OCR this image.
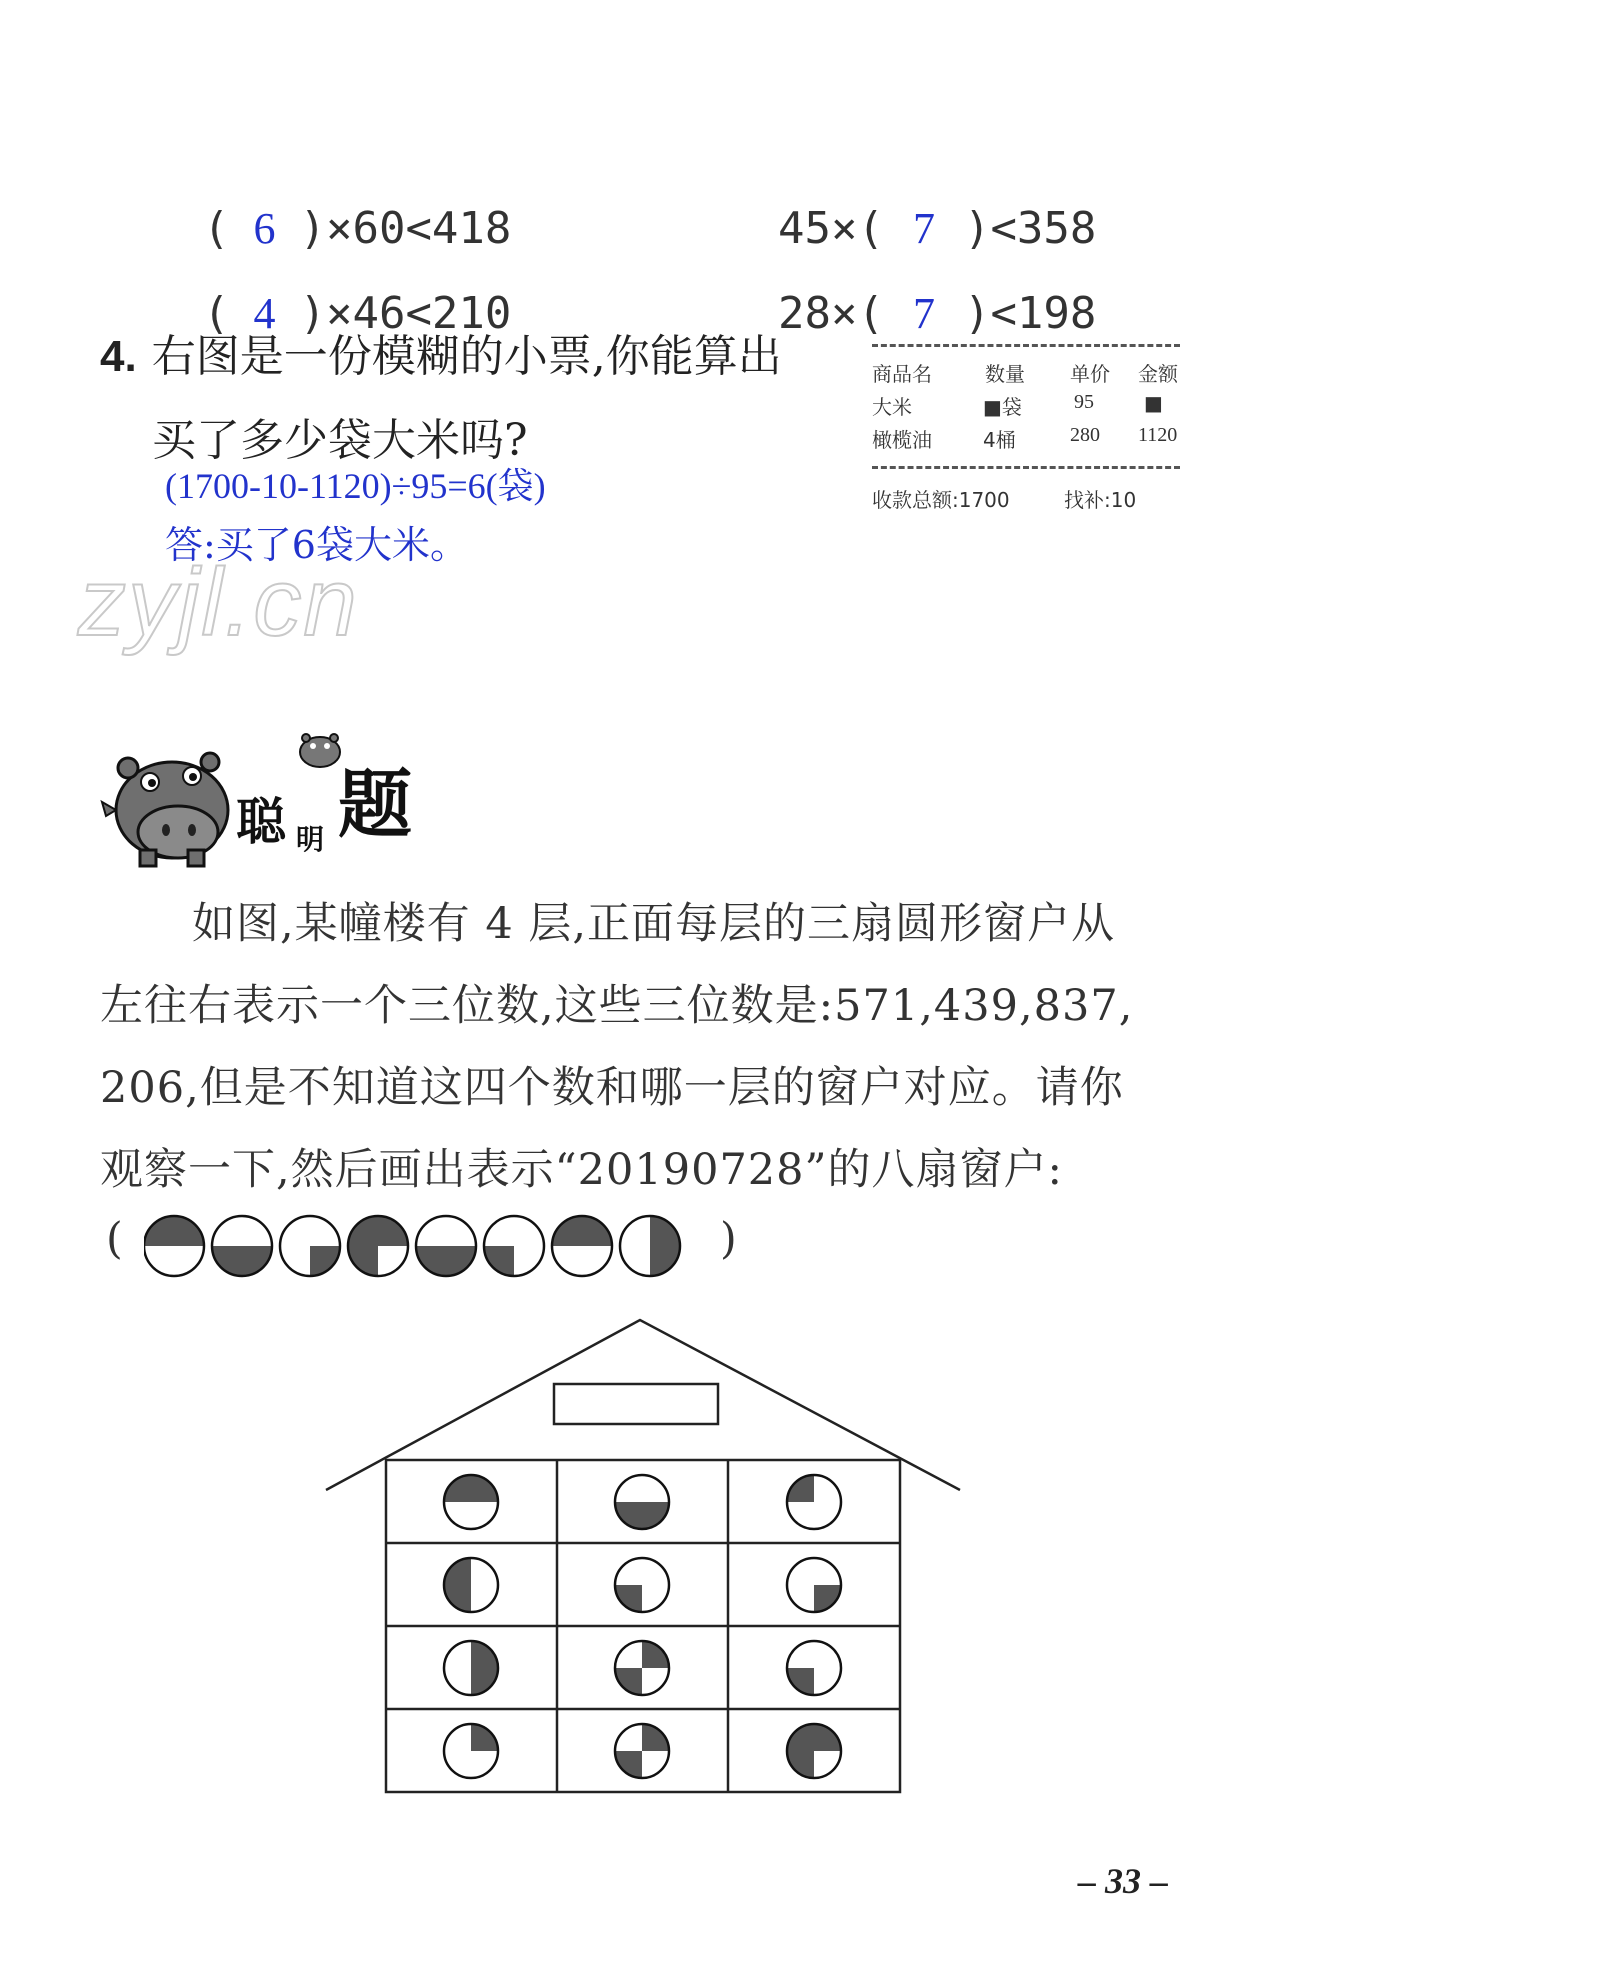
( 6 )×60<418	45×( 7 )<358

( 4 )×46<210	28×( 7 )<198

4. 右图是一份模糊的小票,你能算出
买了多少袋大米吗?
(1700-10-1120)÷95=6(袋)
答:买了6袋大米。
商品名	数量 单价 金额
大米	■袋	95	■
橄榄油	4桶	280 1120
收款总额:1700	找补:10
zyjl.cn
聪 明 题
如图,某幢楼有 4 层,正面每层的三扇圆形窗户从
左往右表示一个三位数,这些三位数是:571,439,837,
206,但是不知道这四个数和哪一层的窗户对应。请你
观察一下,然后画出表示“20190728”的八扇窗户:
(	)
– 33 –
